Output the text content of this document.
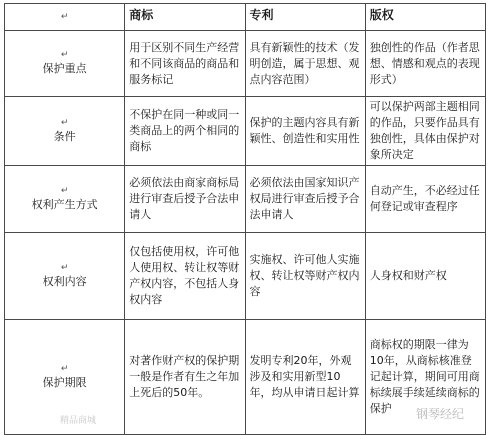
↵	商标	专利	版权

↵
保护重点	用于区别不同生产经营和不同该商品的商品和服务标记	具有新颖性的技术（发明创造，属于思想、观点内容范围）	独创性的作品（作者思想、情感和观点的表现形式）

↵
条件	不保护在同一种或同一类商品上的两个相同的商标	保护的主题内容具有新颖性、创造性和实用性	可以保护两部主题相同的作品，只要作品具有独创性，具体由保护对象所决定

↵
权利产生方式	必须依法由商家商标局进行审查后授予合法申请人	必须依法由国家知识产权局进行审查后授予合法申请人	自动产生，不必经过任何登记或审查程序

↵
权利内容	仅包括使用权，许可他人使用权、转让权等财产权内容，不包括人身权内容	实施权、许可他人实施权、转让权等财产权内容	人身权和财产权

↵
保护期限	对著作财产权的保护期一般是作者有生之年加上死后的50年。	发明专利20年，外观涉及和实用新型10年，均从申请日起计算	商标权的期限一律为10年，从商标核准登记起计算，期间可用商标续展手续延续商标的保护	钢琴经纪
精品商城
